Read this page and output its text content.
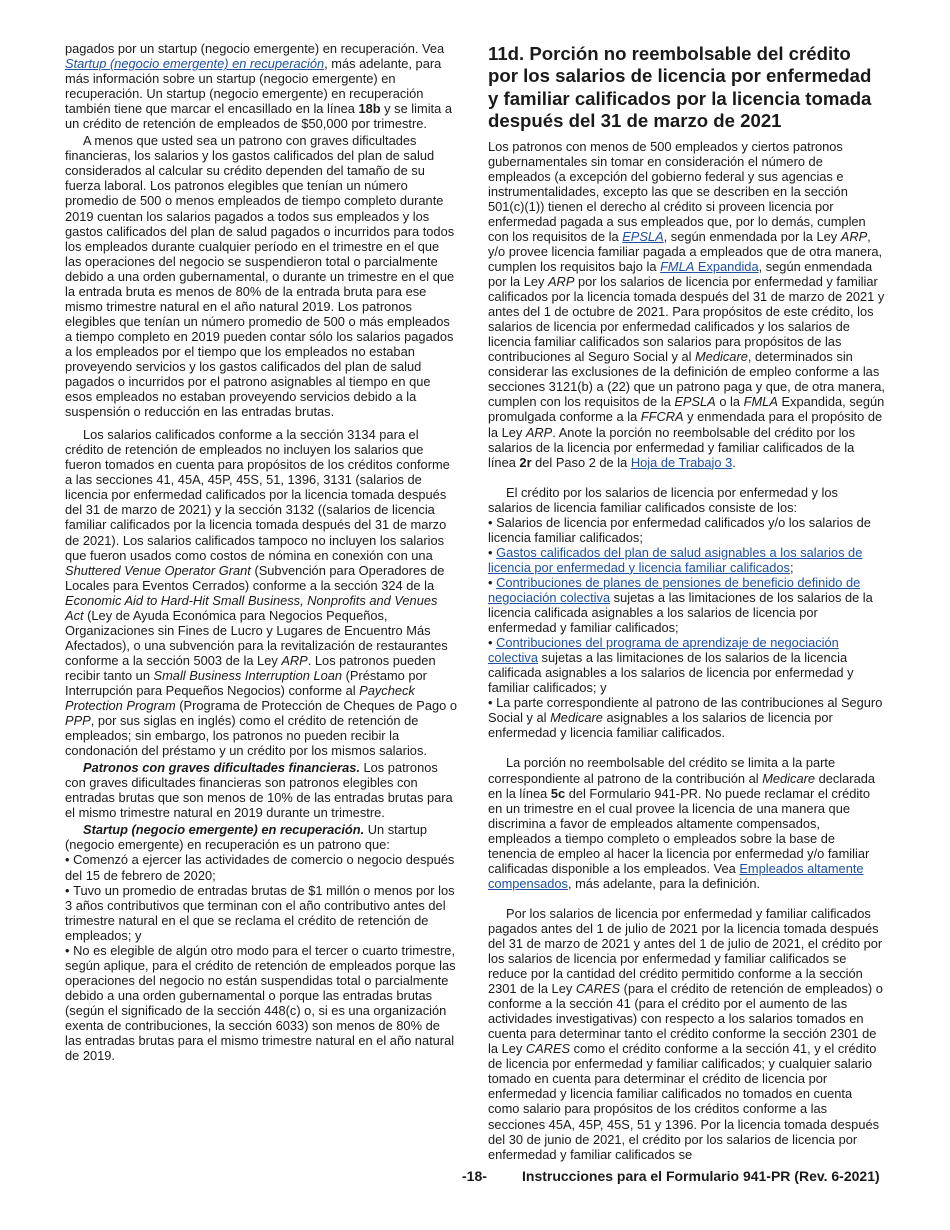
pagados por un startup (negocio emergente) en recuperación. Vea Startup (negocio emergente) en recuperación, más adelante, para más información sobre un startup (negocio emergente) en recuperación. Un startup (negocio emergente) en recuperación también tiene que marcar el encasillado en la línea 18b y se limita a un crédito de retención de empleados de $50,000 por trimestre.

A menos que usted sea un patrono con graves dificultades financieras, los salarios y los gastos calificados del plan de salud considerados al calcular su crédito dependen del tamaño de su fuerza laboral. Los patronos elegibles que tenían un número promedio de 500 o menos empleados de tiempo completo durante 2019 cuentan los salarios pagados a todos sus empleados y los gastos calificados del plan de salud pagados o incurridos para todos los empleados durante cualquier período en el trimestre en el que las operaciones del negocio se suspendieron total o parcialmente debido a una orden gubernamental, o durante un trimestre en el que la entrada bruta es menos de 80% de la entrada bruta para ese mismo trimestre natural en el año natural 2019. Los patronos elegibles que tenían un número promedio de 500 o más empleados a tiempo completo en 2019 pueden contar sólo los salarios pagados a los empleados por el tiempo que los empleados no estaban proveyendo servicios y los gastos calificados del plan de salud pagados o incurridos por el patrono asignables al tiempo en que esos empleados no estaban proveyendo servicios debido a la suspensión o reducción en las entradas brutas.

Los salarios calificados conforme a la sección 3134 para el crédito de retención de empleados no incluyen los salarios que fueron tomados en cuenta para propósitos de los créditos conforme a las secciones 41, 45A, 45P, 45S, 51, 1396, 3131 (salarios de licencia por enfermedad calificados por la licencia tomada después del 31 de marzo de 2021) y la sección 3132 ((salarios de licencia familiar calificados por la licencia tomada después del 31 de marzo de 2021). Los salarios calificados tampoco no incluyen los salarios que fueron usados como costos de nómina en conexión con una Shuttered Venue Operator Grant (Subvención para Operadores de Locales para Eventos Cerrados) conforme a la sección 324 de la Economic Aid to Hard-Hit Small Business, Nonprofits and Venues Act (Ley de Ayuda Económica para Negocios Pequeños, Organizaciones sin Fines de Lucro y Lugares de Encuentro Más Afectados), o una subvención para la revitalización de restaurantes conforme a la sección 5003 de la Ley ARP. Los patronos pueden recibir tanto un Small Business Interruption Loan (Préstamo por Interrupción para Pequeños Negocios) conforme al Paycheck Protection Program (Programa de Protección de Cheques de Pago o PPP, por sus siglas en inglés) como el crédito de retención de empleados; sin embargo, los patronos no pueden recibir la condonación del préstamo y un crédito por los mismos salarios.

Patronos con graves dificultades financieras. Los patronos con graves dificultades financieras son patronos elegibles con entradas brutas que son menos de 10% de las entradas brutas para el mismo trimestre natural en 2019 durante un trimestre.

Startup (negocio emergente) en recuperación. Un startup (negocio emergente) en recuperación es un patrono que:

• Comenzó a ejercer las actividades de comercio o negocio después del 15 de febrero de 2020;

• Tuvo un promedio de entradas brutas de $1 millón o menos por los 3 años contributivos que terminan con el año contributivo antes del trimestre natural en el que se reclama el crédito de retención de empleados; y

• No es elegible de algún otro modo para el tercer o cuarto trimestre, según aplique, para el crédito de retención de empleados porque las operaciones del negocio no están suspendidas total o parcialmente debido a una orden gubernamental o porque las entradas brutas (según el significado de la sección 448(c) o, si es una organización exenta de contribuciones, la sección 6033) son menos de 80% de las entradas brutas para el mismo trimestre natural en el año natural de 2019.

11d. Porción no reembolsable del crédito por los salarios de licencia por enfermedad y familiar calificados por la licencia tomada después del 31 de marzo de 2021

Los patronos con menos de 500 empleados y ciertos patronos gubernamentales sin tomar en consideración el número de empleados (a excepción del gobierno federal y sus agencias e instrumentalidades, excepto las que se describen en la sección 501(c)(1)) tienen el derecho al crédito si proveen licencia por enfermedad pagada a sus empleados que, por lo demás, cumplen con los requisitos de la EPSLA, según enmendada por la Ley ARP, y/o provee licencia familiar pagada a empleados que de otra manera, cumplen los requisitos bajo la FMLA Expandida, según enmendada por la Ley ARP por los salarios de licencia por enfermedad y familiar calificados por la licencia tomada después del 31 de marzo de 2021 y antes del 1 de octubre de 2021. Para propósitos de este crédito, los salarios de licencia por enfermedad calificados y los salarios de licencia familiar calificados son salarios para propósitos de las contribuciones al Seguro Social y al Medicare, determinados sin considerar las exclusiones de la definición de empleo conforme a las secciones 3121(b) a (22) que un patrono paga y que, de otra manera, cumplen con los requisitos de la EPSLA o la FMLA Expandida, según promulgada conforme a la FFCRA y enmendada para el propósito de la Ley ARP. Anote la porción no reembolsable del crédito por los salarios de la licencia por enfermedad y familiar calificados de la línea 2r del Paso 2 de la Hoja de Trabajo 3.

El crédito por los salarios de licencia por enfermedad y los salarios de licencia familiar calificados consiste de los:

• Salarios de licencia por enfermedad calificados y/o los salarios de licencia familiar calificados;

• Gastos calificados del plan de salud asignables a los salarios de licencia por enfermedad y licencia familiar calificados;

• Contribuciones de planes de pensiones de beneficio definido de negociación colectiva sujetas a las limitaciones de los salarios de la licencia calificada asignables a los salarios de licencia por enfermedad y familiar calificados;

• Contribuciones del programa de aprendizaje de negociación colectiva sujetas a las limitaciones de los salarios de la licencia calificada asignables a los salarios de licencia por enfermedad y familiar calificados; y

• La parte correspondiente al patrono de las contribuciones al Seguro Social y al Medicare asignables a los salarios de licencia por enfermedad y licencia familiar calificados.

La porción no reembolsable del crédito se limita a la parte correspondiente al patrono de la contribución al Medicare declarada en la línea 5c del Formulario 941-PR. No puede reclamar el crédito en un trimestre en el cual provee la licencia de una manera que discrimina a favor de empleados altamente compensados, empleados a tiempo completo o empleados sobre la base de tenencia de empleo al hacer la licencia por enfermedad y/o familiar calificadas disponible a los empleados. Vea Empleados altamente compensados, más adelante, para la definición.

Por los salarios de licencia por enfermedad y familiar calificados pagados antes del 1 de julio de 2021 por la licencia tomada después del 31 de marzo de 2021 y antes del 1 de julio de 2021, el crédito por los salarios de licencia por enfermedad y familiar calificados se reduce por la cantidad del crédito permitido conforme a la sección 2301 de la Ley CARES (para el crédito de retención de empleados) o conforme a la sección 41 (para el crédito por el aumento de las actividades investigativas) con respecto a los salarios tomados en cuenta para determinar tanto el crédito conforme la sección 2301 de la Ley CARES como el crédito conforme a la sección 41, y el crédito de licencia por enfermedad y familiar calificados; y cualquier salario tomado en cuenta para determinar el crédito de licencia por enfermedad y licencia familiar calificados no tomados en cuenta como salario para propósitos de los créditos conforme a las secciones 45A, 45P, 45S, 51 y 1396. Por la licencia tomada después del 30 de junio de 2021, el crédito por los salarios de licencia por enfermedad y familiar calificados se

-18-	Instrucciones para el Formulario 941-PR (Rev. 6-2021)
